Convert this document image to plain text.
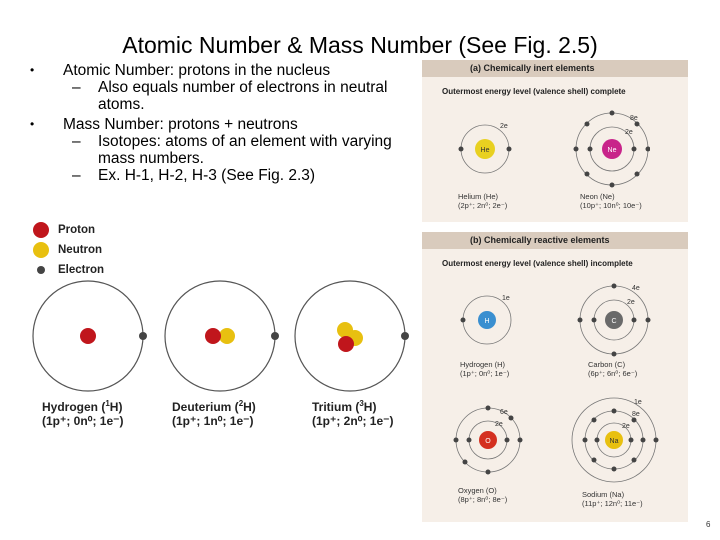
Atomic Number & Mass Number (See Fig. 2.5)
• Atomic Number: protons in the nucleus
– Also equals number of electrons in neutral atoms.
• Mass Number: protons + neutrons
– Isotopes: atoms of an element with varying mass numbers.
– Ex. H-1, H-2, H-3 (See Fig. 2.3)
Proton
Neutron
Electron
Hydrogen ($^1$H)
(1p⁺; 0n⁰; 1e⁻)
Deuterium ($^2$H)
(1p⁺; 1n⁰; 1e⁻)
Tritium ($^3$H)
(1p⁺; 2n⁰; 1e⁻)
(a) Chemically inert elements
Outermost energy level (valence shell) complete
He
2e
Helium (He)
(2p⁺; 2n⁰; 2e⁻)
Ne
8e
2e
Neon (Ne)
(10p⁺; 10n⁰; 10e⁻)
(b) Chemically reactive elements
Outermost energy level (valence shell) incomplete
H
1e
Hydrogen (H)
(1p⁺; 0n⁰; 1e⁻)
C
4e
2e
Carbon (C)
(6p⁺; 6n⁰; 6e⁻)
O
6e
2e
Oxygen (O)
(8p⁺; 8n⁰; 8e⁻)
Na
1e
8e
2e
Sodium (Na)
(11p⁺; 12n⁰; 11e⁻)
6
